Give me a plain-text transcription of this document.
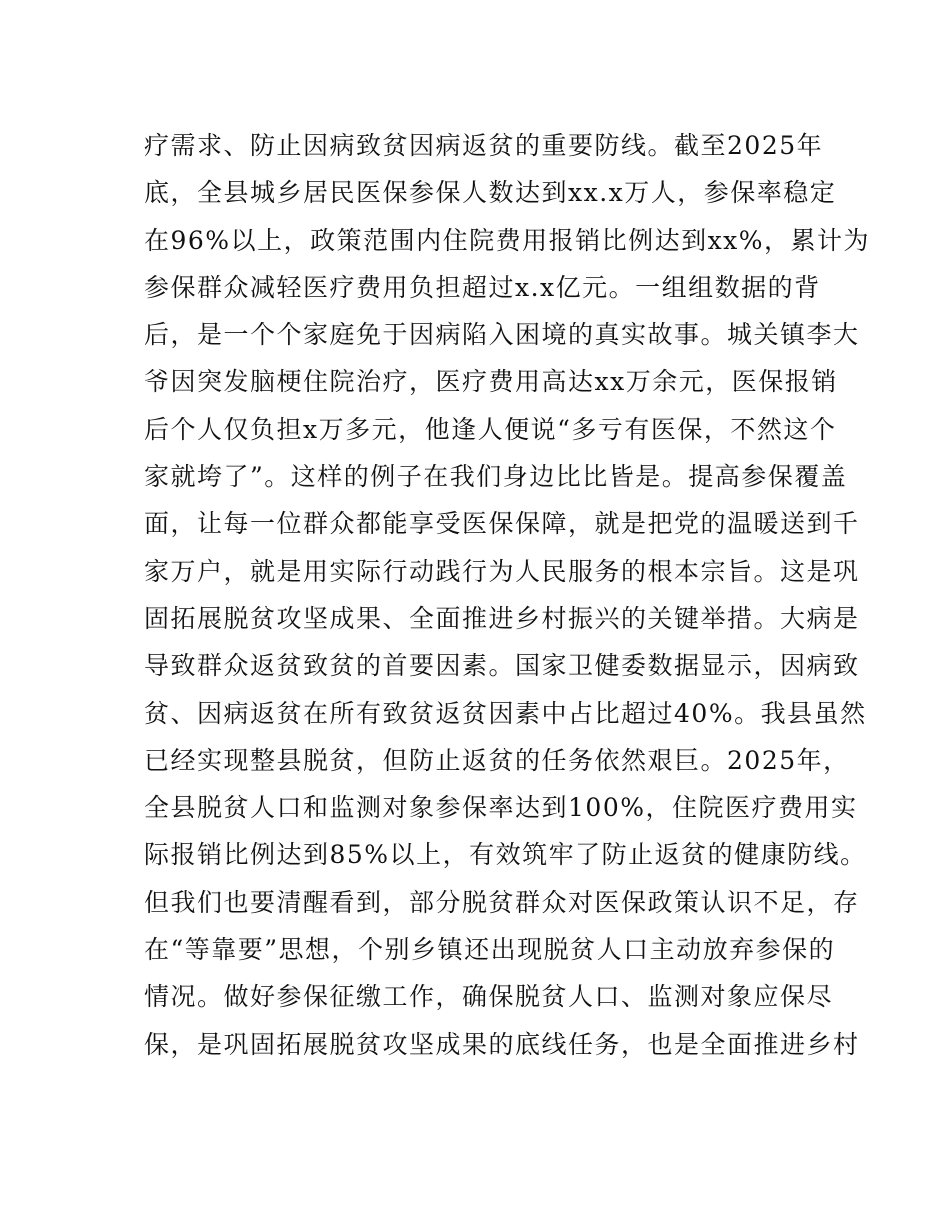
疗需求、防止因病致贫因病返贫的重要防线。截至2025年
底，全县城乡居民医保参保人数达到xx.x万人，参保率稳定
在96%以上，政策范围内住院费用报销比例达到xx%，累计为
参保群众减轻医疗费用负担超过x.x亿元。一组组数据的背
后，是一个个家庭免于因病陷入困境的真实故事。城关镇李大
爷因突发脑梗住院治疗，医疗费用高达xx万余元，医保报销
后个人仅负担x万多元，他逢人便说“多亏有医保，不然这个
家就垮了”。这样的例子在我们身边比比皆是。提高参保覆盖
面，让每一位群众都能享受医保保障，就是把党的温暖送到千
家万户，就是用实际行动践行为人民服务的根本宗旨。这是巩
固拓展脱贫攻坚成果、全面推进乡村振兴的关键举措。大病是
导致群众返贫致贫的首要因素。国家卫健委数据显示，因病致
贫、因病返贫在所有致贫返贫因素中占比超过40%。我县虽然
已经实现整县脱贫，但防止返贫的任务依然艰巨。2025年，
全县脱贫人口和监测对象参保率达到100%，住院医疗费用实
际报销比例达到85%以上，有效筑牢了防止返贫的健康防线。
但我们也要清醒看到，部分脱贫群众对医保政策认识不足，存
在“等靠要”思想，个别乡镇还出现脱贫人口主动放弃参保的
情况。做好参保征缴工作，确保脱贫人口、监测对象应保尽
保，是巩固拓展脱贫攻坚成果的底线任务，也是全面推进乡村
